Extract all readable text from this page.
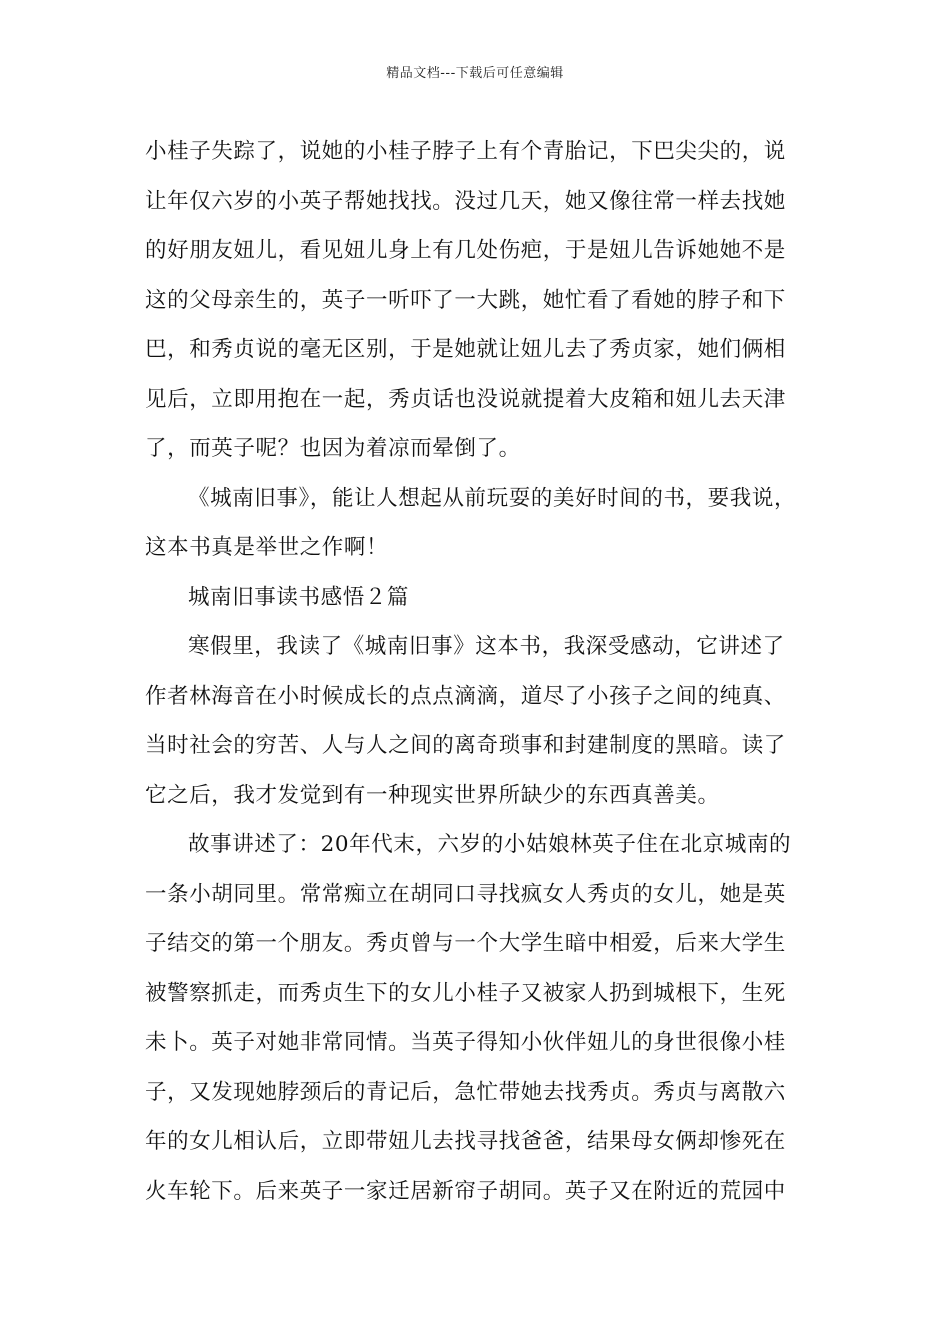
精品文档---下载后可任意编辑
小桂子失踪了，说她的小桂子脖子上有个青胎记，下巴尖尖的，说
让年仅六岁的小英子帮她找找。没过几天，她又像往常一样去找她
的好朋友妞儿，看见妞儿身上有几处伤疤，于是妞儿告诉她她不是
这的父母亲生的，英子一听吓了一大跳，她忙看了看她的脖子和下
巴，和秀贞说的毫无区别，于是她就让妞儿去了秀贞家，她们俩相
见后，立即用抱在一起，秀贞话也没说就提着大皮箱和妞儿去天津
了，而英子呢？也因为着凉而晕倒了。
《城南旧事》，能让人想起从前玩耍的美好时间的书，要我说，
这本书真是举世之作啊！
城南旧事读书感悟２篇
寒假里，我读了《城南旧事》这本书，我深受感动，它讲述了
作者林海音在小时候成长的点点滴滴，道尽了小孩子之间的纯真、
当时社会的穷苦、人与人之间的离奇琐事和封建制度的黑暗。读了
它之后，我才发觉到有一种现实世界所缺少的东西真善美。
故事讲述了：20年代末，六岁的小姑娘林英子住在北京城南的
一条小胡同里。常常痴立在胡同口寻找疯女人秀贞的女儿，她是英
子结交的第一个朋友。秀贞曾与一个大学生暗中相爱，后来大学生
被警察抓走，而秀贞生下的女儿小桂子又被家人扔到城根下，生死
未卜。英子对她非常同情。当英子得知小伙伴妞儿的身世很像小桂
子，又发现她脖颈后的青记后，急忙带她去找秀贞。秀贞与离散六
年的女儿相认后，立即带妞儿去找寻找爸爸，结果母女俩却惨死在
火车轮下。后来英子一家迁居新帘子胡同。英子又在附近的荒园中
